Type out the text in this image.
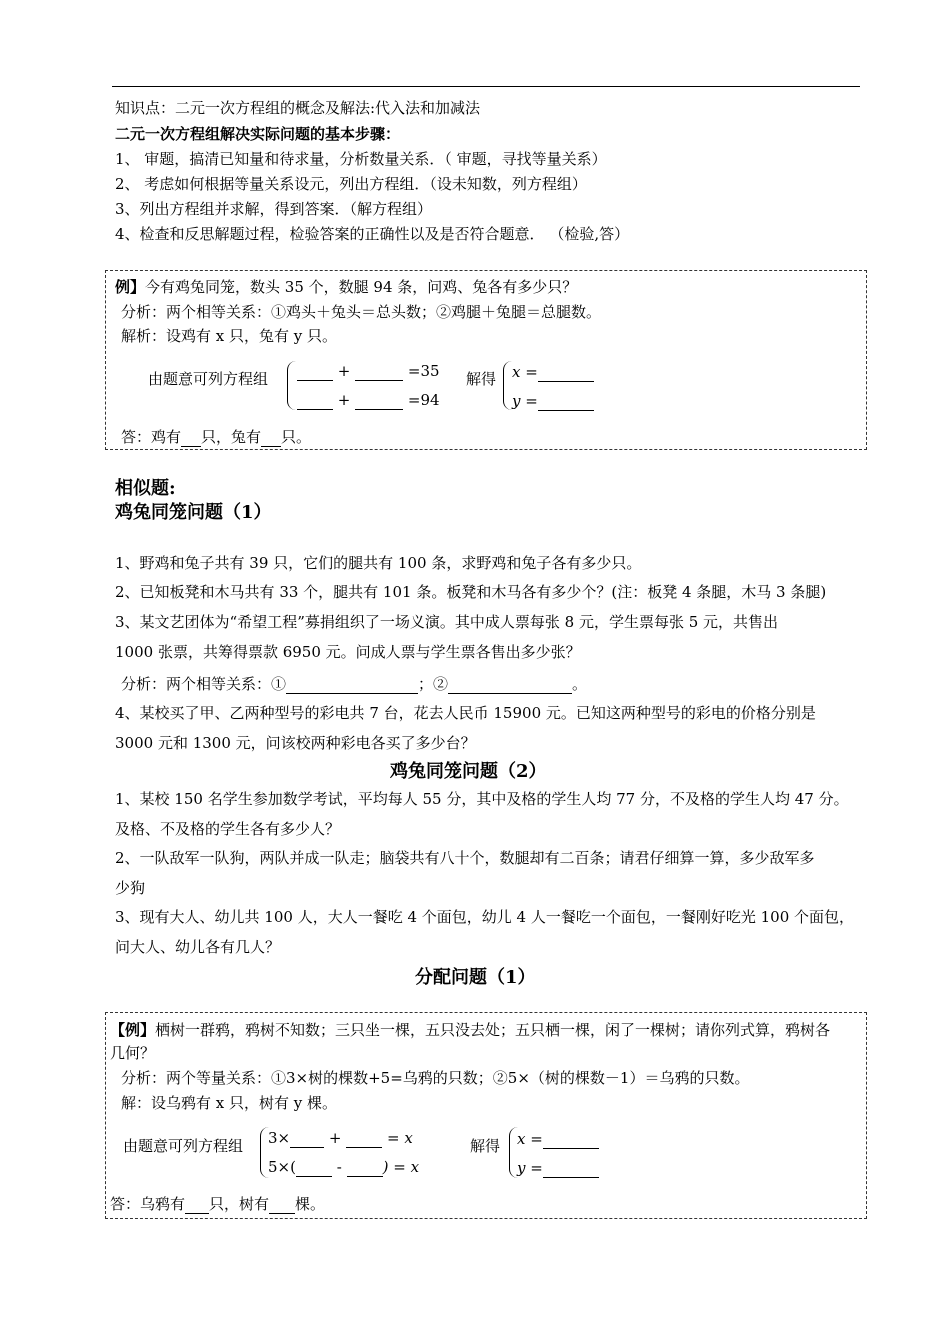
知识点：二元一次方程组的概念及解法:代入法和加减法
二元一次方程组解决实际问题的基本步骤：
1、 审题，搞清已知量和待求量，分析数量关系．（ 审题，寻找等量关系）
2、 考虑如何根据等量关系设元，列出方程组．（设未知数，列方程组）
3、列出方程组并求解，得到答案．（解方程组）
4、检查和反思解题过程，检验答案的正确性以及是否符合题意． （检验,答）
例】今有鸡兔同笼，数头 35 个，数腿 94 条，问鸡、兔各有多少只？
分析：两个相等关系：①鸡头＋兔头＝总头数；②鸡腿＋兔腿＝总腿数。
解析：设鸡有 x 只，兔有 y 只。
由题意可列方程组	+	=35
+	=94
解得 x =
y =
答：鸡有 只，兔有 只。
相似题:
鸡兔同笼问题（1）
1、野鸡和兔子共有 39 只，它们的腿共有 100 条，求野鸡和兔子各有多少只。
2、已知板凳和木马共有 33 个，腿共有 101 条。板凳和木马各有多少个？(注：板凳 4 条腿，木马 3 条腿)
3、某文艺团体为“希望工程”募捐组织了一场义演。其中成人票每张 8 元，学生票每张 5 元，共售出
1000 张票，共筹得票款 6950 元。问成人票与学生票各售出多少张？
分析：两个相等关系：①	；②	。
4、某校买了甲、乙两种型号的彩电共 7 台，花去人民币 15900 元。已知这两种型号的彩电的价格分别是
3000 元和 1300 元，问该校两种彩电各买了多少台？
鸡兔同笼问题（2）
1、某校 150 名学生参加数学考试，平均每人 55 分，其中及格的学生人均 77 分，不及格的学生人均 47 分。
及格、不及格的学生各有多少人？
2、一队敌军一队狗，两队并成一队走；脑袋共有八十个，数腿却有二百条；请君仔细算一算，多少敌军多
少狗
3、现有大人、幼儿共 100 人，大人一餐吃 4 个面包，幼儿 4 人一餐吃一个面包，一餐刚好吃光 100 个面包，
问大人、幼儿各有几人？
分配问题（1）
【例】栖树一群鸦，鸦树不知数；三只坐一棵，五只没去处；五只栖一棵，闲了一棵树；请你列式算，鸦树各
几何？
分析：两个等量关系：①3×树的棵数+5=乌鸦的只数；②5×（树的棵数－1）＝乌鸦的只数。
解：设乌鸦有 x 只，树有 y 棵。
由题意可列方程组 3×	+	= x
5×(	-	) = x
解得 x =
y =
答：乌鸦有 只，树有 棵。
